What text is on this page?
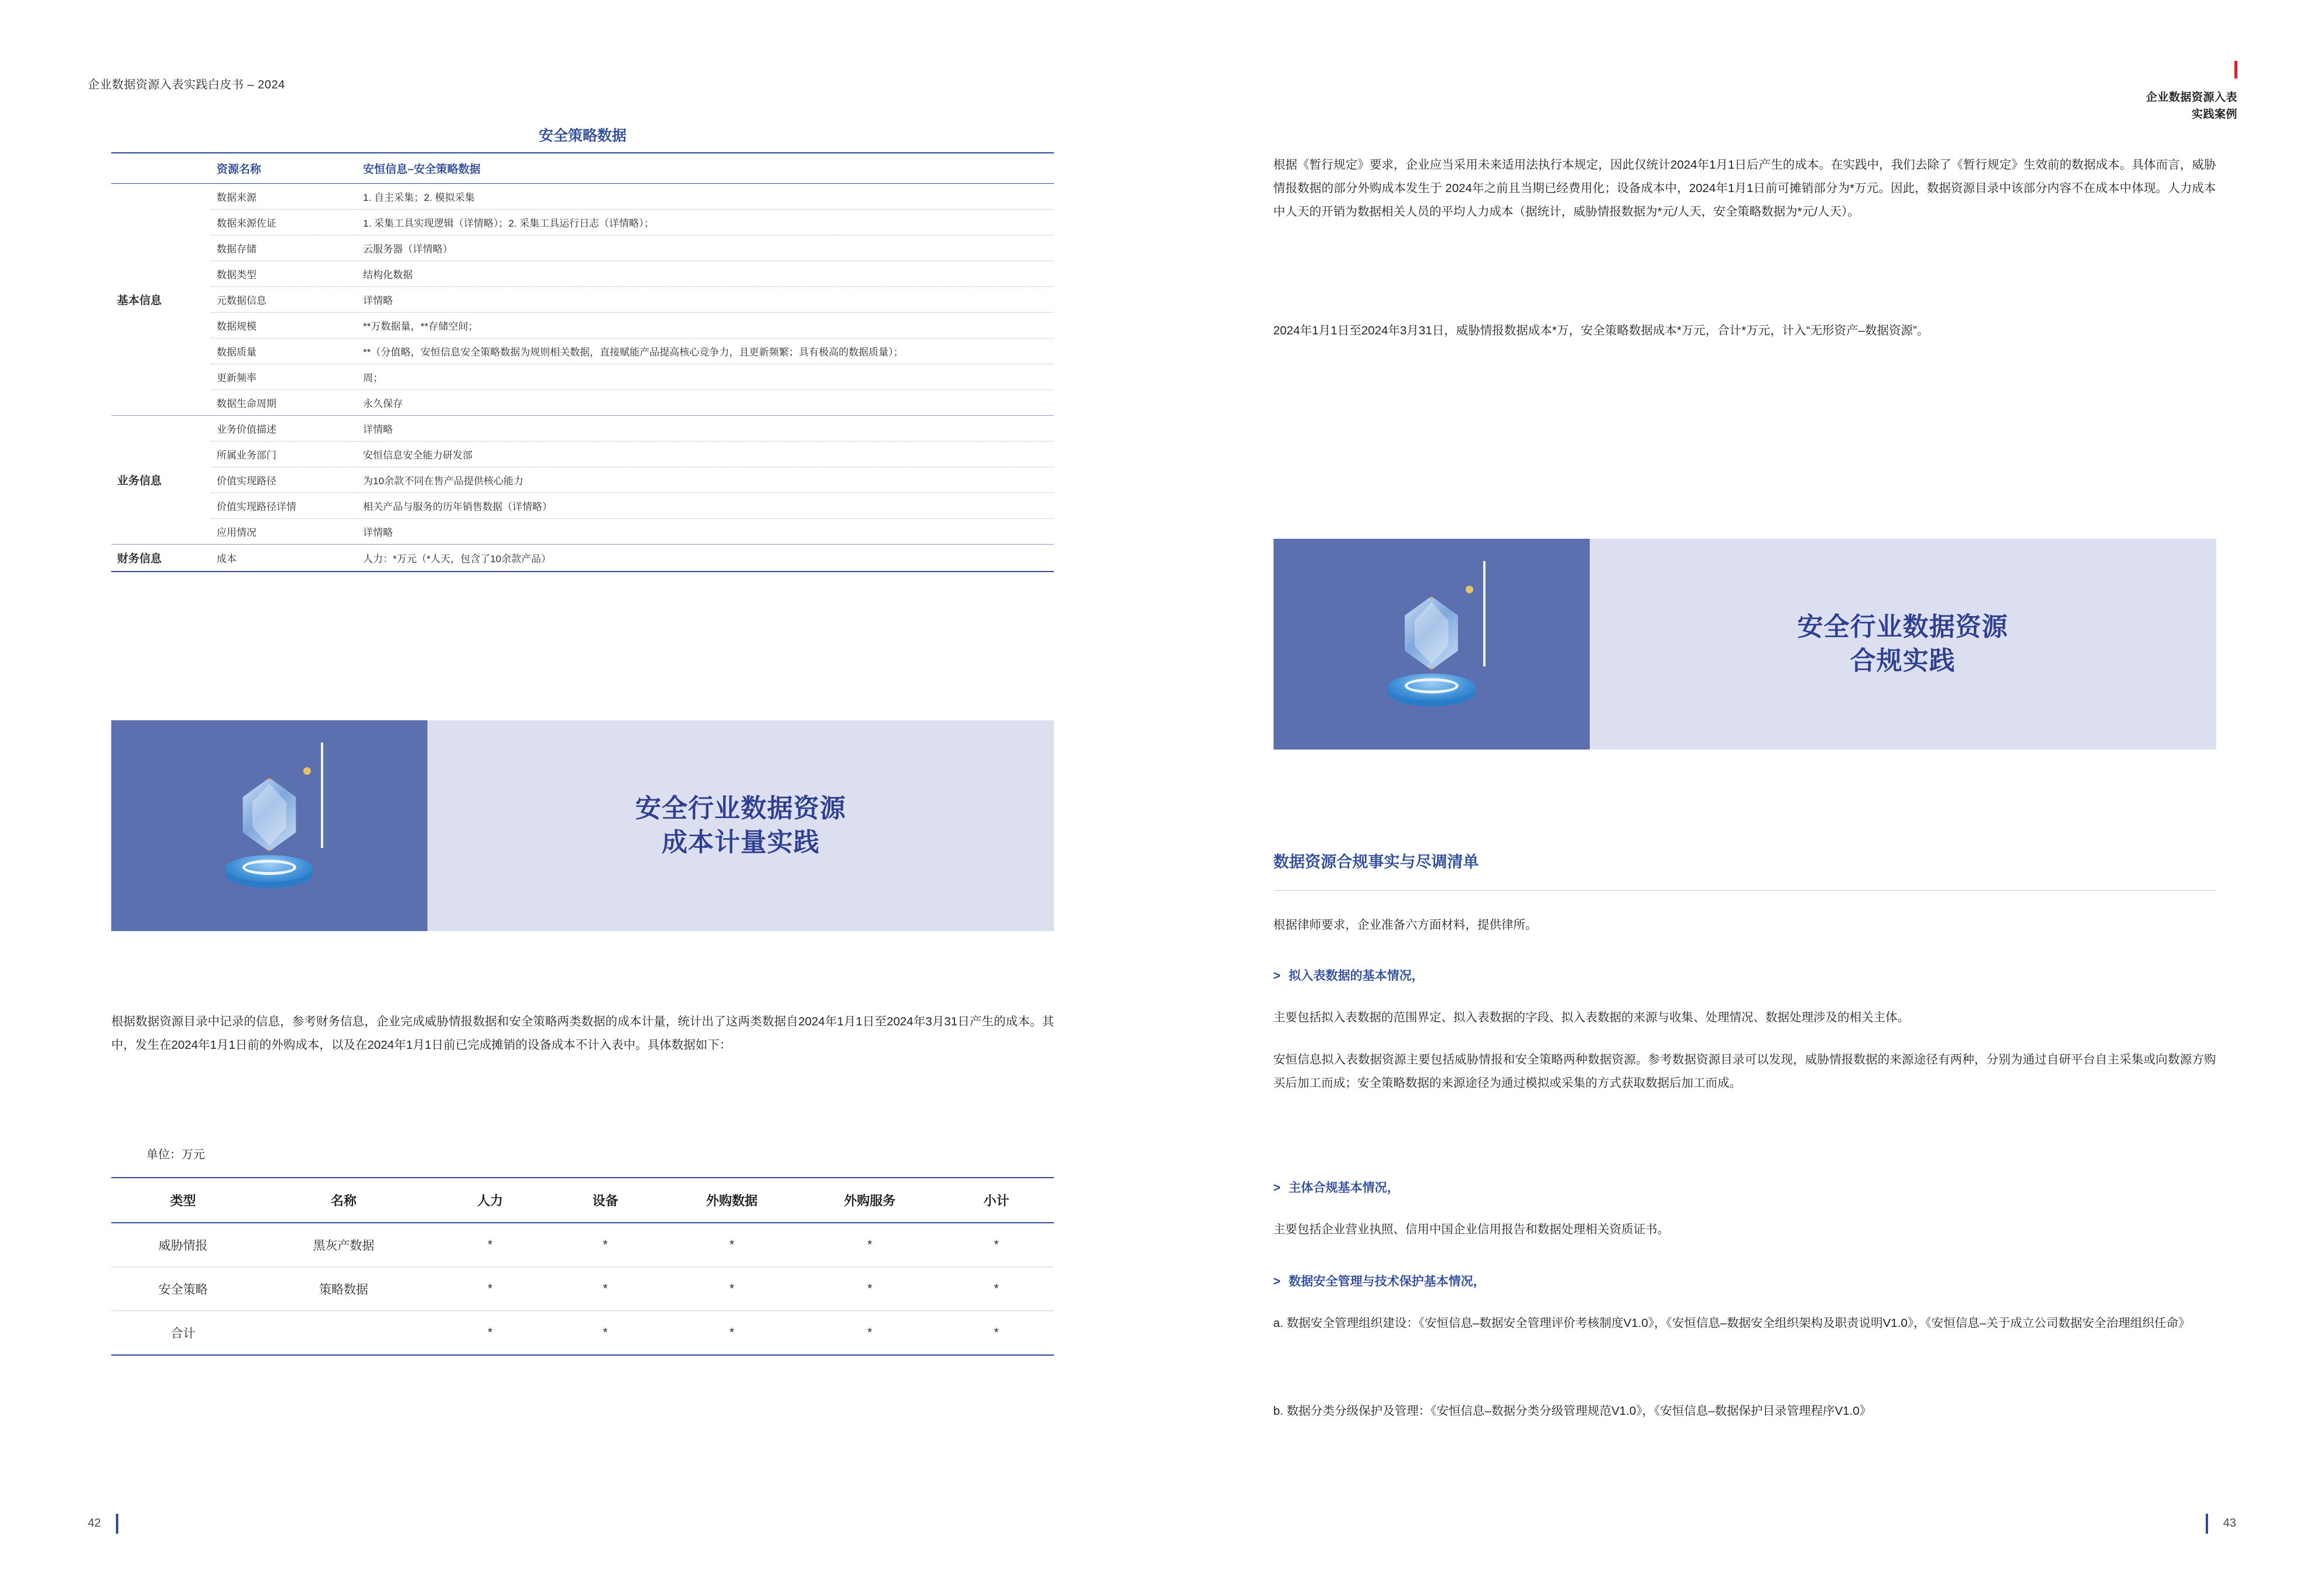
企业数据资源入表实践白皮书 – 2024
安全策略数据
	资源名称	安恒信息–安全策略数据
基本信息	数据来源	1. 自主采集；2. 模拟采集
	数据来源佐证	1. 采集工具实现逻辑（详情略）；2. 采集工具运行日志（详情略）；
	数据存储	云服务器（详情略）
	数据类型	结构化数据
	元数据信息	详情略
	数据规模	**万数据量，**存储空间；
	数据质量	**（分值略，安恒信息安全策略数据为规则相关数据，直接赋能产品提高核心竞争力，且更新频繁；具有极高的数据质量）；
	更新频率	周；
	数据生命周期	永久保存
业务信息	业务价值描述	详情略
	所属业务部门	安恒信息安全能力研发部
	价值实现路径	为10余款不同在售产品提供核心能力
	价值实现路径详情	相关产品与服务的历年销售数据（详情略）
	应用情况	详情略
财务信息	成本	人力：*万元（*人天，包含了10余款产品）
安全行业数据资源
成本计量实践
根据数据资源目录中记录的信息，参考财务信息，企业完成威胁情报数据和安全策略两类数据的成本计量，统计出了这两类数据自2024年1月1日至2024年3月31日产生的成本。其中，发生在2024年1月1日前的外购成本，以及在2024年1月1日前已完成摊销的设备成本不计入表中。具体数据如下：
单位：万元
类型	名称	人力	设备	外购数据	外购服务	小计
威胁情报	黑灰产数据	*	*	*	*	*
安全策略	策略数据	*	*	*	*	*
合计		*	*	*	*	*
42
企业数据资源入表
实践案例
根据《暂行规定》要求，企业应当采用未来适用法执行本规定，因此仅统计2024年1月1日后产生的成本。在实践中，我们去除了《暂行规定》生效前的数据成本。具体而言，威胁情报数据的部分外购成本发生于 2024年之前且当期已经费用化；设备成本中，2024年1月1日前可摊销部分为*万元。因此，数据资源目录中该部分内容不在成本中体现。人力成本中人天的开销为数据相关人员的平均人力成本（据统计，威胁情报数据为*元/人天，安全策略数据为*元/人天）。
2024年1月1日至2024年3月31日，威胁情报数据成本*万，安全策略数据成本*万元，合计*万元，计入“无形资产–数据资源”。
安全行业数据资源
合规实践
数据资源合规事实与尽调清单
根据律师要求，企业准备六方面材料，提供律所。
> 拟入表数据的基本情况，
主要包括拟入表数据的范围界定、拟入表数据的字段、拟入表数据的来源与收集、处理情况、数据处理涉及的相关主体。
安恒信息拟入表数据资源主要包括威胁情报和安全策略两种数据资源。参考数据资源目录可以发现，威胁情报数据的来源途径有两种，分别为通过自研平台自主采集或向数源方购买后加工而成；安全策略数据的来源途径为通过模拟或采集的方式获取数据后加工而成。
> 主体合规基本情况，
主要包括企业营业执照、信用中国企业信用报告和数据处理相关资质证书。
> 数据安全管理与技术保护基本情况，
a. 数据安全管理组织建设：《安恒信息–数据安全管理评价考核制度V1.0》，《安恒信息–数据安全组织架构及职责说明V1.0》，《安恒信息–关于成立公司数据安全治理组织任命》
b. 数据分类分级保护及管理：《安恒信息–数据分类分级管理规范V1.0》，《安恒信息–数据保护目录管理程序V1.0》
43
